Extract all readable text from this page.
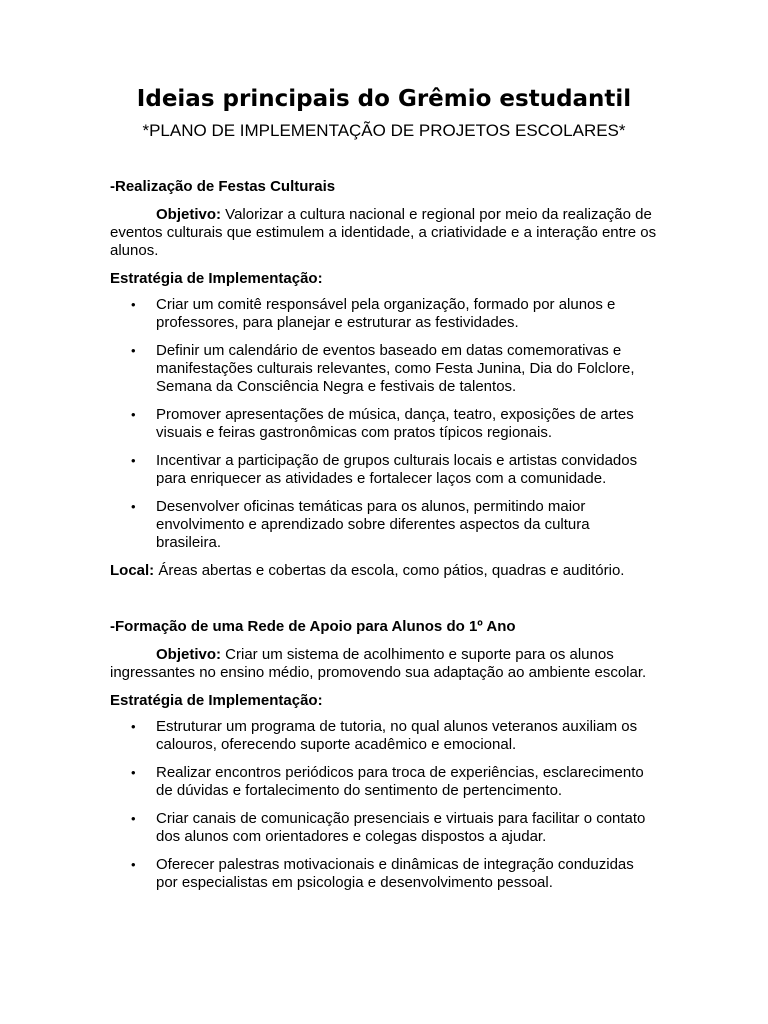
Ideias principais do Grêmio estudantil

*PLANO DE IMPLEMENTAÇÃO DE PROJETOS ESCOLARES*

-Realização de Festas Culturais

Objetivo: Valorizar a cultura nacional e regional por meio da realização de eventos culturais que estimulem a identidade, a criatividade e a interação entre os alunos.

Estratégia de Implementação:

• Criar um comitê responsável pela organização, formado por alunos e professores, para planejar e estruturar as festividades.
• Definir um calendário de eventos baseado em datas comemorativas e manifestações culturais relevantes, como Festa Junina, Dia do Folclore, Semana da Consciência Negra e festivais de talentos.
• Promover apresentações de música, dança, teatro, exposições de artes visuais e feiras gastronômicas com pratos típicos regionais.
• Incentivar a participação de grupos culturais locais e artistas convidados para enriquecer as atividades e fortalecer laços com a comunidade.
• Desenvolver oficinas temáticas para os alunos, permitindo maior envolvimento e aprendizado sobre diferentes aspectos da cultura brasileira.

Local: Áreas abertas e cobertas da escola, como pátios, quadras e auditório.

-Formação de uma Rede de Apoio para Alunos do 1º Ano

Objetivo: Criar um sistema de acolhimento e suporte para os alunos ingressantes no ensino médio, promovendo sua adaptação ao ambiente escolar.

Estratégia de Implementação:

• Estruturar um programa de tutoria, no qual alunos veteranos auxiliam os calouros, oferecendo suporte acadêmico e emocional.
• Realizar encontros periódicos para troca de experiências, esclarecimento de dúvidas e fortalecimento do sentimento de pertencimento.
• Criar canais de comunicação presenciais e virtuais para facilitar o contato dos alunos com orientadores e colegas dispostos a ajudar.
• Oferecer palestras motivacionais e dinâmicas de integração conduzidas por especialistas em psicologia e desenvolvimento pessoal.
